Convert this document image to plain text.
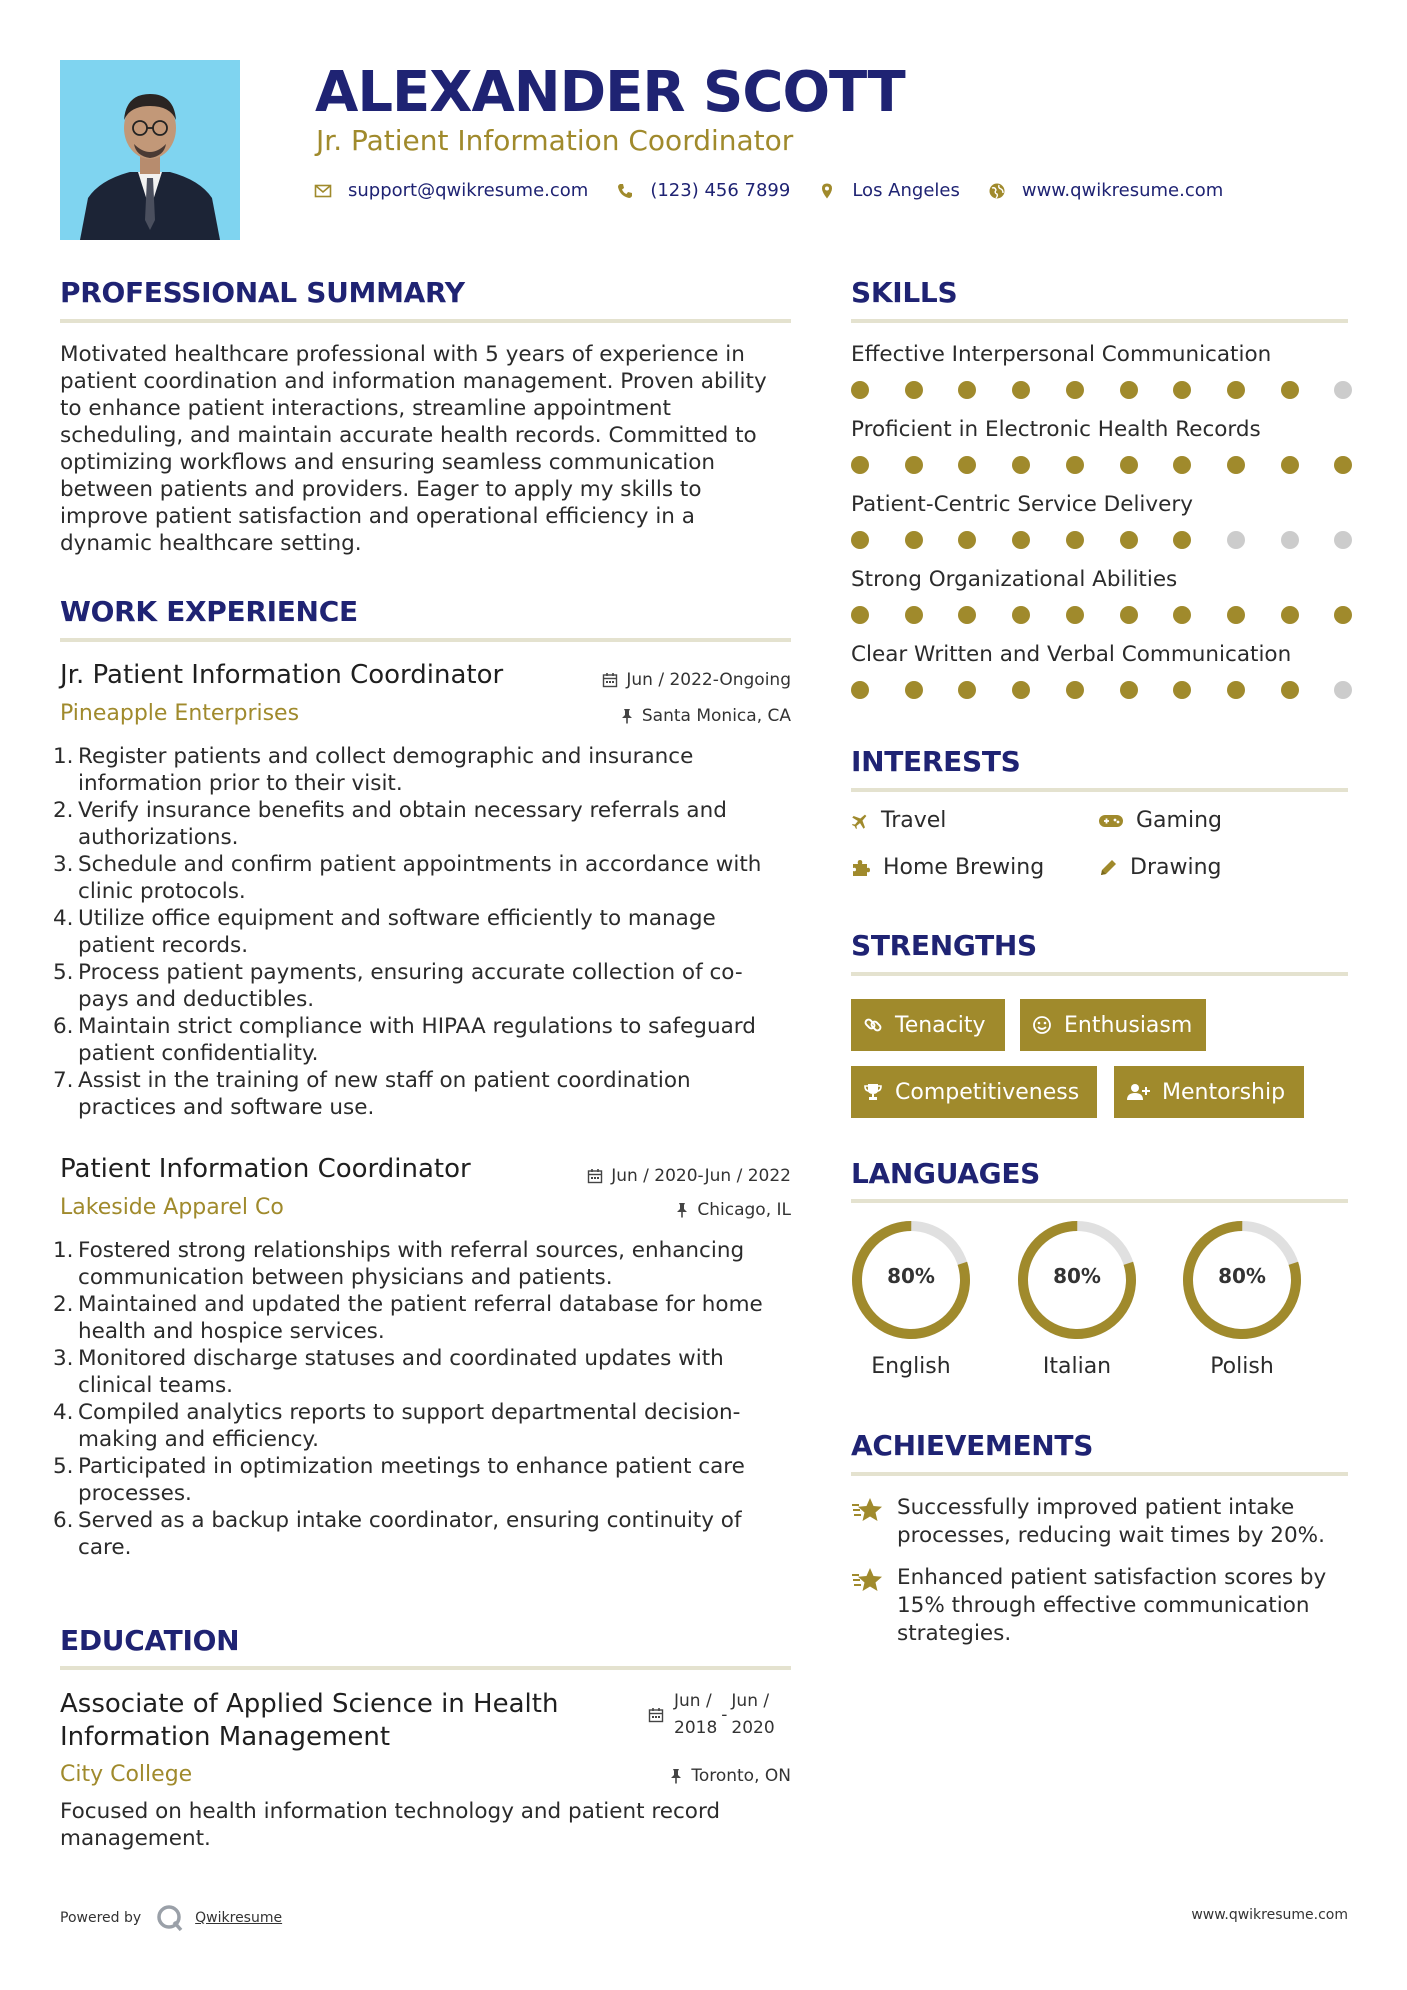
ALEXANDER SCOTT
Jr. Patient Information Coordinator
support@qwikresume.com	(123) 456 7899	Los Angeles	www.qwikresume.com
PROFESSIONAL SUMMARY
Motivated healthcare professional with 5 years of experience in patient coordination and information management. Proven ability to enhance patient interactions, streamline appointment scheduling, and maintain accurate health records. Committed to optimizing workflows and ensuring seamless communication between patients and providers. Eager to apply my skills to improve patient satisfaction and operational efficiency in a dynamic healthcare setting.
WORK EXPERIENCE
Jr. Patient Information Coordinator	Jun / 2022-Ongoing
Pineapple Enterprises	Santa Monica, CA
1. Register patients and collect demographic and insurance information prior to their visit.
2. Verify insurance benefits and obtain necessary referrals and authorizations.
3. Schedule and confirm patient appointments in accordance with clinic protocols.
4. Utilize office equipment and software efficiently to manage patient records.
5. Process patient payments, ensuring accurate collection of co-pays and deductibles.
6. Maintain strict compliance with HIPAA regulations to safeguard patient confidentiality.
7. Assist in the training of new staff on patient coordination practices and software use.
Patient Information Coordinator	Jun / 2020-Jun / 2022
Lakeside Apparel Co	Chicago, IL
1. Fostered strong relationships with referral sources, enhancing communication between physicians and patients.
2. Maintained and updated the patient referral database for home health and hospice services.
3. Monitored discharge statuses and coordinated updates with clinical teams.
4. Compiled analytics reports to support departmental decision-making and efficiency.
5. Participated in optimization meetings to enhance patient care processes.
6. Served as a backup intake coordinator, ensuring continuity of care.
EDUCATION
Associate of Applied Science in Health
Information Management
Jun /
2018
-
Jun /
2020
City College	Toronto, ON
Focused on health information technology and patient record management.
SKILLS
Effective Interpersonal Communication
Proficient in Electronic Health Records
Patient-Centric Service Delivery
Strong Organizational Abilities
Clear Written and Verbal Communication
INTERESTS
Travel	Gaming
Home Brewing	Drawing
STRENGTHS
Tenacity	Enthusiasm
Competitiveness	Mentorship
LANGUAGES
80%
English
80%
Italian
80%
Polish
ACHIEVEMENTS
Successfully improved patient intake processes, reducing wait times by 20%.
Enhanced patient satisfaction scores by 15% through effective communication strategies.
Powered by	Qwikresume	www.qwikresume.com
